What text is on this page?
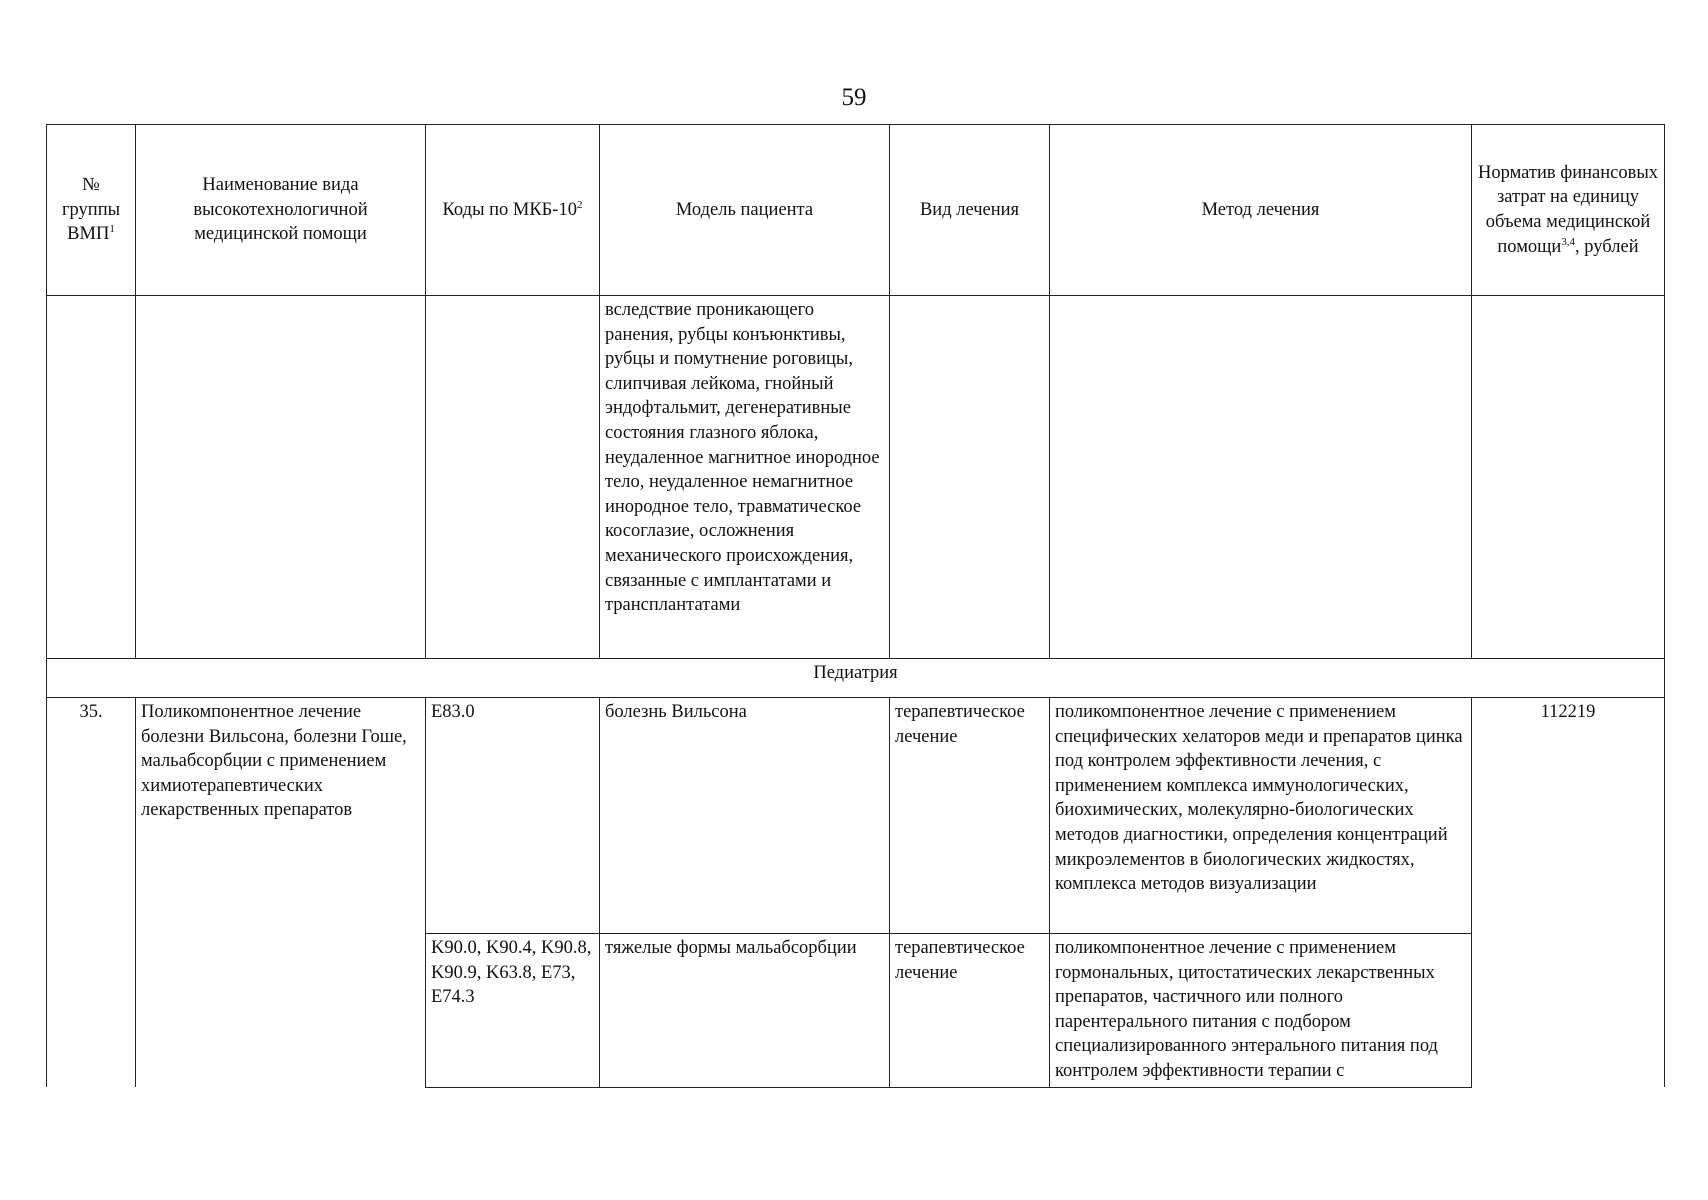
59
№ группы ВМП$^1$	Наименование вида высокотехнологичной медицинской помощи	Коды по МКБ-$10^2$	Модель пациента	Вид лечения	Метод лечения	Норматив финансовых затрат на единицу объема медицинской помощи$^{3,4}$, рублей
			вследствие проникающего ранения, рубцы конъюнктивы, рубцы и помутнение роговицы, слипчивая лейкома, гнойный эндофтальмит, дегенеративные состояния глазного яблока, неудаленное магнитное инородное тело, неудаленное немагнитное инородное тело, травматическое косоглазие, осложнения механического происхождения, связанные с имплантатами и трансплантатами			
Педиатрия						
35.	Поликомпонентное лечение болезни Вильсона, болезни Гоше, мальабсорбции с применением химиотерапевтических лекарственных препаратов	E83.0	болезнь Вильсона	терапевтическое лечение	поликомпонентное лечение с применением специфических хелаторов меди и препаратов цинка под контролем эффективности лечения, с применением комплекса иммунологических, биохимических, молекулярно-биологических методов диагностики, определения концентраций микроэлементов в биологических жидкостях, комплекса методов визуализации	112219
		K90.0, K90.4, K90.8, K90.9, K63.8, E73, E74.3	тяжелые формы мальабсорбции	терапевтическое лечение	поликомпонентное лечение с применением гормональных, цитостатических лекарственных препаратов, частичного или полного парентерального питания с подбором специализированного энтерального питания под контролем эффективности терапии с	
